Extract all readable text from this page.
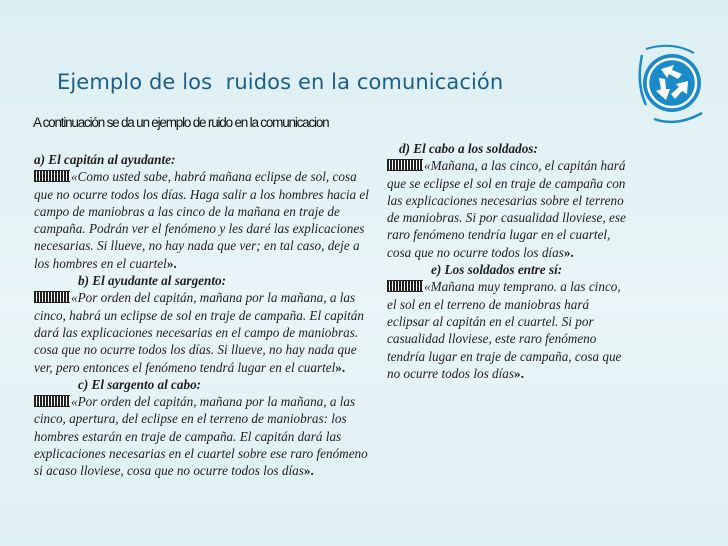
Ejemplo de los  ruidos en la comunicación
A continuación se da un ejemplo de ruido en la comunicacion

a) El capitán al ayudante:
«Como usted sabe, habrá mañana eclipse de sol, cosa que no ocurre todos los días. Haga salir a los hombres hacia el campo de maniobras a las cinco de la mañana en traje de campaña. Podrán ver el fenómeno y les daré las explicaciones necesarias. Si llueve, no hay nada que ver; en tal caso, deje a los hombres en el cuartel».

b) El ayudante al sargento:
«Por orden del capitán, mañana por la mañana, a las cinco, habrá un eclipse de sol en traje de campaña. El capitán dará las explicaciones necesarias en el campo de maniobras. cosa que no ocurre todos los días. Si llueve, no hay nada que ver, pero entonces el fenómeno tendrá lugar en el cuartel».

c) El sargento al cabo:
«Por orden del capitán, mañana por la mañana, a las cinco, apertura, del eclipse en el terreno de maniobras: los hombres estarán en traje de campaña. El capitán dará las explicaciones necesarias en el cuartel sobre ese raro fenómeno si acaso lloviese, cosa que no ocurre todos los días».

d) El cabo a los soldados:
«Mañana, a las cinco, el capitán hará que se eclipse el sol en traje de campaña con las explicaciones necesarias sobre el terreno de maniobras. Si por casualidad lloviese, ese raro fenómeno tendría lugar en el cuartel, cosa que no ocurre todos los días».

e) Los soldados entre sí:
«Mañana muy temprano. a las cinco, el sol en el terreno de maniobras hará eclipsar al capitán en el cuartel. Si por casualidad lloviese, este raro fenómeno tendría lugar en traje de campaña, cosa que no ocurre todos los días».
